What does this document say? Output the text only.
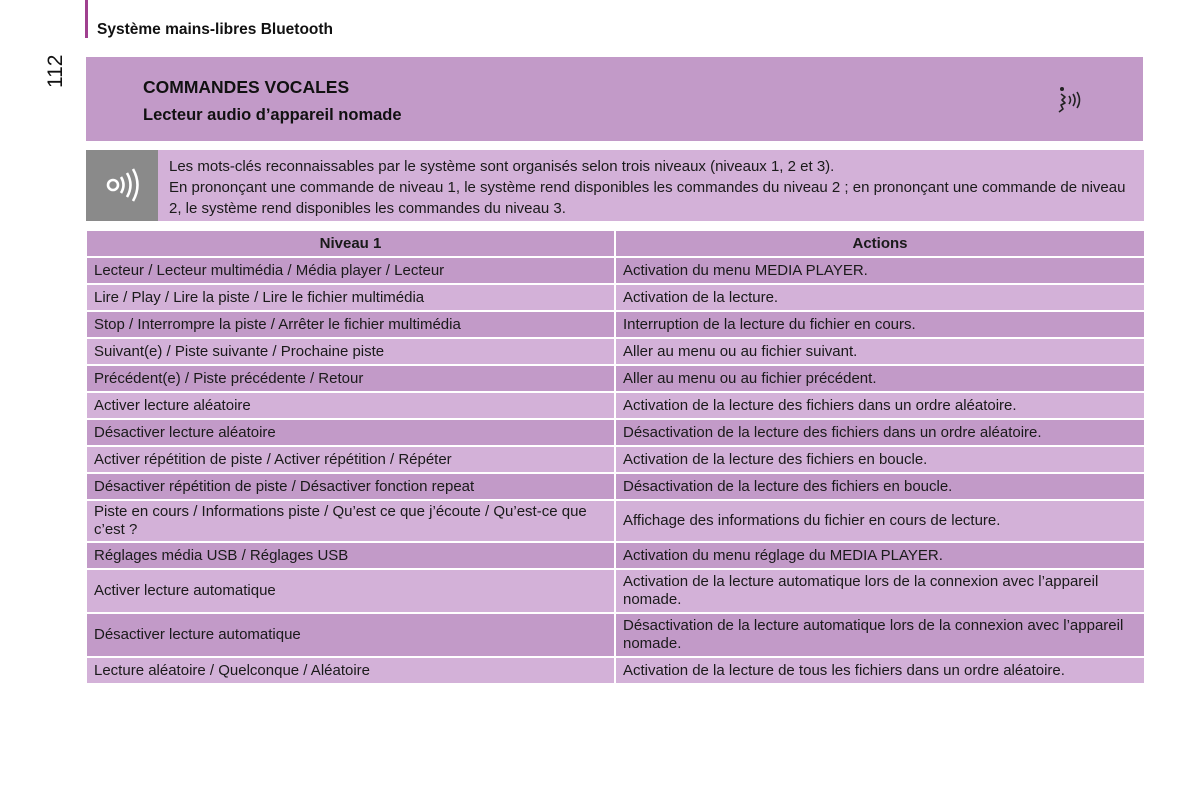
Système mains-libres Bluetooth
112	COMMANDES VOCALES
Lecteur audio d’appareil nomade
Les mots-clés reconnaissables par le système sont organisés selon trois niveaux (niveaux 1, 2 et 3).
En prononçant une commande de niveau 1, le système rend disponibles les commandes du niveau 2 ; en prononçant une commande de niveau 2, le système rend disponibles les commandes du niveau 3.
Niveau 1	Actions
Lecteur / Lecteur multimédia / Média player / Lecteur	Activation du menu MEDIA PLAYER.
Lire / Play / Lire la piste / Lire le fichier multimédia	Activation de la lecture.
Stop / Interrompre la piste / Arrêter le fichier multimédia	Interruption de la lecture du fichier en cours.
Suivant(e) / Piste suivante / Prochaine piste	Aller au menu ou au fichier suivant.
Précédent(e) / Piste précédente / Retour	Aller au menu ou au fichier précédent.
Activer lecture aléatoire	Activation de la lecture des fichiers dans un ordre aléatoire.
Désactiver lecture aléatoire	Désactivation de la lecture des fichiers dans un ordre aléatoire.
Activer répétition de piste / Activer répétition / Répéter	Activation de la lecture des fichiers en boucle.
Désactiver répétition de piste / Désactiver fonction repeat	Désactivation de la lecture des fichiers en boucle.
Piste en cours / Informations piste / Qu’est ce que j’écoute / Qu’est-ce que c’est ?	Affichage des informations du fichier en cours de lecture.
Réglages média USB / Réglages USB	Activation du menu réglage du MEDIA PLAYER.
Activer lecture automatique	Activation de la lecture automatique lors de la connexion avec l’appareil nomade.
Désactiver lecture automatique	Désactivation de la lecture automatique lors de la connexion avec l’appareil nomade.
Lecture aléatoire / Quelconque / Aléatoire	Activation de la lecture de tous les fichiers dans un ordre aléatoire.
